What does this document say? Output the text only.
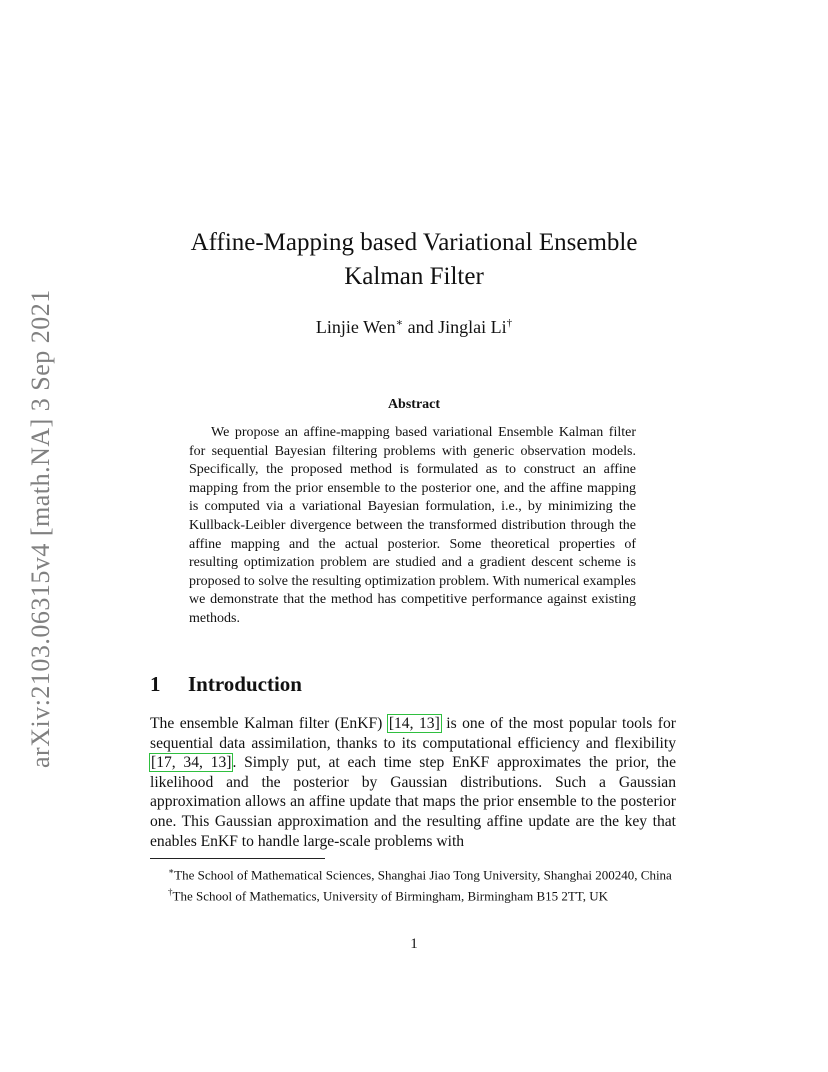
arXiv:2103.06315v4 [math.NA] 3 Sep 2021
Affine-Mapping based Variational Ensemble Kalman Filter
Linjie Wen∗ and Jinglai Li†
Abstract
We propose an affine-mapping based variational Ensemble Kalman filter for sequential Bayesian filtering problems with generic observation models. Specifically, the proposed method is formulated as to construct an affine mapping from the prior ensemble to the posterior one, and the affine mapping is computed via a variational Bayesian formulation, i.e., by minimizing the Kullback-Leibler divergence between the transformed distribution through the affine mapping and the actual posterior. Some theoretical properties of resulting optimization problem are studied and a gradient descent scheme is proposed to solve the resulting optimization problem. With numerical examples we demonstrate that the method has competitive performance against existing methods.
1 Introduction
The ensemble Kalman filter (EnKF) [14, 13] is one of the most popular tools for sequential data assimilation, thanks to its computational efficiency and flexibility [17, 34, 13]. Simply put, at each time step EnKF approximates the prior, the likelihood and the posterior by Gaussian distributions. Such a Gaussian approximation allows an affine update that maps the prior ensemble to the posterior one. This Gaussian approximation and the resulting affine update are the key that enables EnKF to handle large-scale problems with
∗The School of Mathematical Sciences, Shanghai Jiao Tong University, Shanghai 200240, China
†The School of Mathematics, University of Birmingham, Birmingham B15 2TT, UK
1
